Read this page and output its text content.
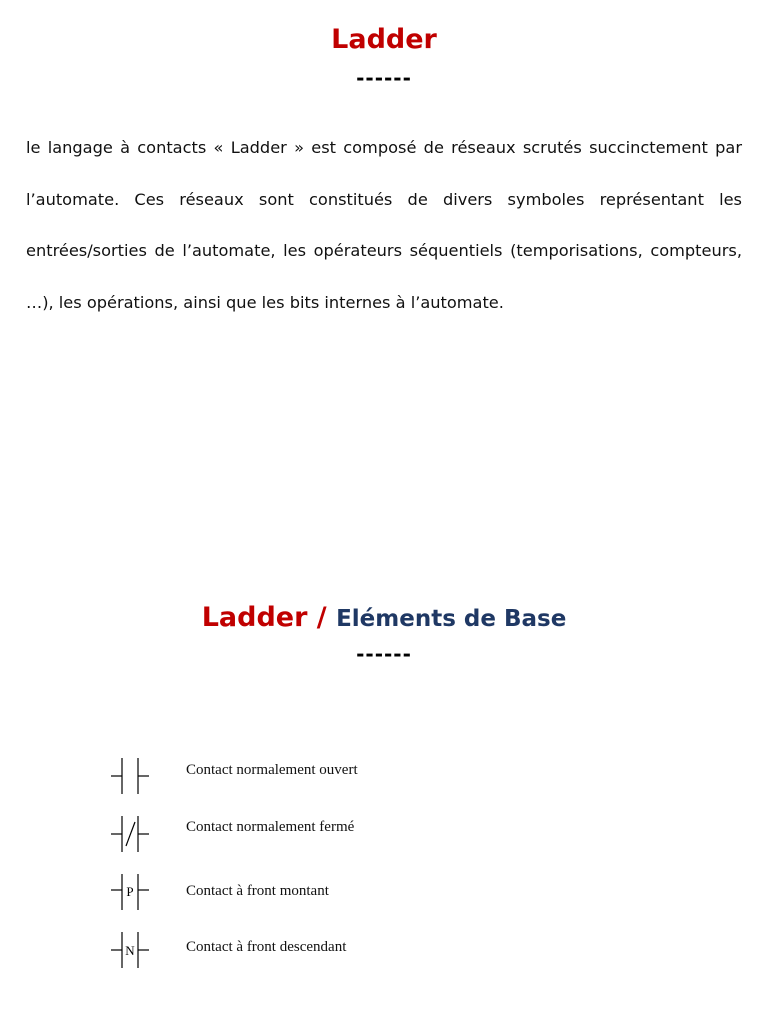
Ladder
------

le langage à contacts « Ladder » est composé de réseaux scrutés succinctement par l’automate. Ces réseaux sont constitués de divers symboles représentant les entrées/sorties de l’automate, les opérateurs séquentiels (temporisations, compteurs, …), les opérations, ainsi que les bits internes à l’automate.

Ladder / Eléments de Base
------
Contact normalement ouvert
Contact normalement fermé
P	Contact à front montant
N	Contact à front descendant
